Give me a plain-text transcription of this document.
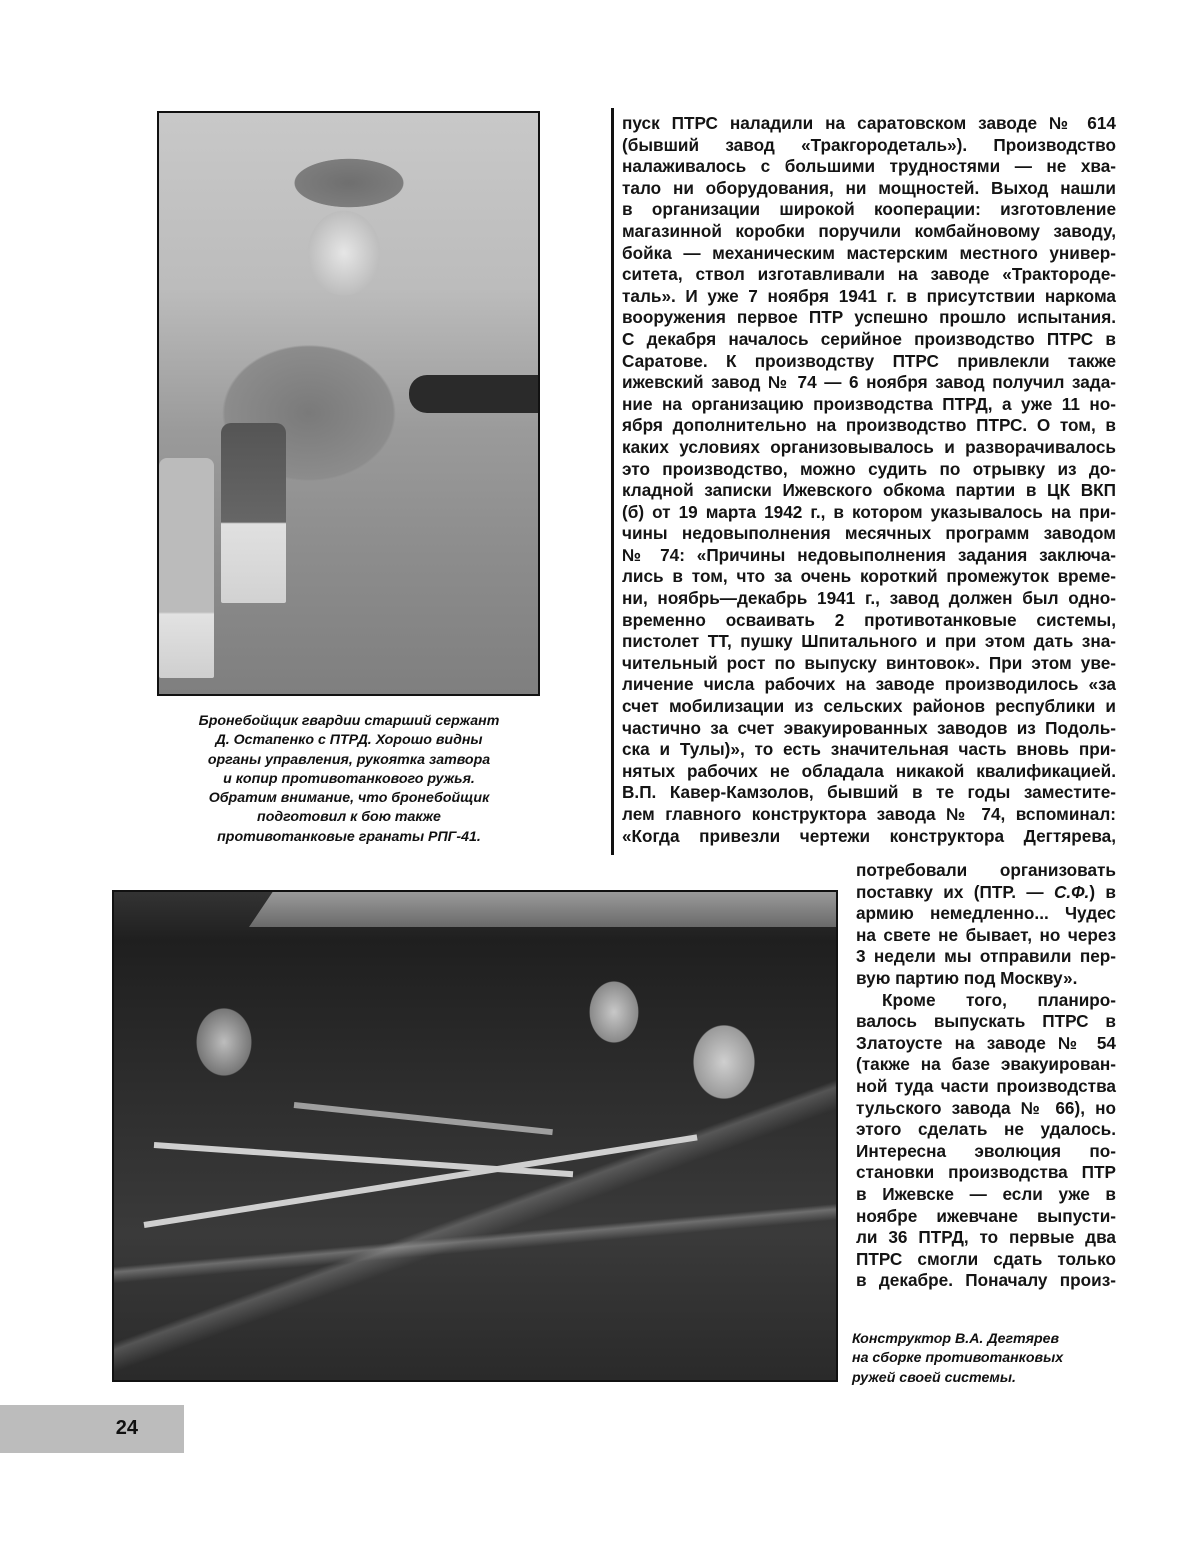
Бронебойщик гвардии старший сержант
Д. Остапенко с ПТРД. Хорошо видны
органы управления, рукоятка затвора
и копир противотанкового ружья.
Обратим внимание, что бронебойщик
подготовил к бою также
противотанковые гранаты РПГ-41.
пуск ПТРС наладили на саратовском заводе № 614
(бывший завод «Тракгородеталь»). Производство
налаживалось с большими трудностями — не хва-
тало ни оборудования, ни мощностей. Выход нашли
в организации широкой кооперации: изготовление
магазинной коробки поручили комбайновому заводу,
бойка — механическим мастерским местного универ-
ситета, ствол изготавливали на заводе «Трактороде-
таль». И уже 7 ноября 1941 г. в присутствии наркома
вооружения первое ПТР успешно прошло испытания.
С декабря началось серийное производство ПТРС в
Саратове. К производству ПТРС привлекли также
ижевский завод № 74 — 6 ноября завод получил зада-
ние на организацию производства ПТРД, а уже 11 но-
ября дополнительно на производство ПТРС. О том, в
каких условиях организовывалось и разворачивалось
это производство, можно судить по отрывку из до-
кладной записки Ижевского обкома партии в ЦК ВКП
(б) от 19 марта 1942 г., в котором указывалось на при-
чины недовыполнения месячных программ заводом
№ 74: «Причины недовыполнения задания заключа-
лись в том, что за очень короткий промежуток време-
ни, ноябрь—декабрь 1941 г., завод должен был одно-
временно осваивать 2 противотанковые системы,
пистолет ТТ, пушку Шпитального и при этом дать зна-
чительный рост по выпуску винтовок». При этом уве-
личение числа рабочих на заводе производилось «за
счет мобилизации из сельских районов республики и
частично за счет эвакуированных заводов из Подоль-
ска и Тулы)», то есть значительная часть вновь при-
нятых рабочих не обладала никакой квалификацией.
В.П. Кавер-Камзолов, бывший в те годы заместите-
лем главного конструктора завода № 74, вспоминал:
«Когда привезли чертежи конструктора Дегтярева,
потребовали организовать
поставку их (ПТР. — С.Ф.) в
армию немедленно... Чудес
на свете не бывает, но через
3 недели мы отправили пер-
вую партию под Москву».
Кроме того, планиро-
валось выпускать ПТРС в
Златоусте на заводе № 54
(также на базе эвакуирован-
ной туда части производства
тульского завода № 66), но
этого сделать не удалось.
Интересна эволюция по-
становки производства ПТР
в Ижевске — если уже в
ноябре ижевчане выпусти-
ли 36 ПТРД, то первые два
ПТРС смогли сдать только
в декабре. Поначалу произ-
Конструктор В.А. Дегтярев
на сборке противотанковых
ружей своей системы.
24
